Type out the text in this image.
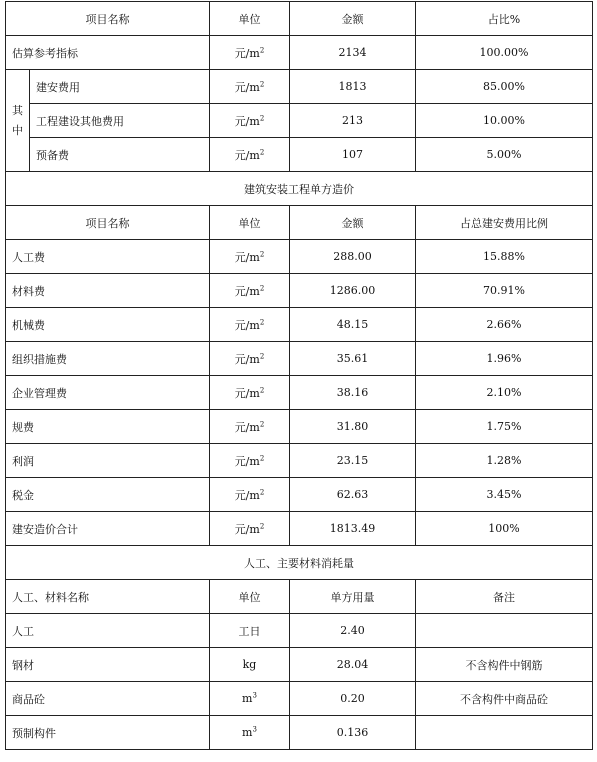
项目名称		单位	金额	占比%
估算参考指标		元$/m^2$	2134	100.00%
其中	建安费用	元$/m^2$	1813	85.00%
	工程建设其他费用	元$/m^2$	213	10.00%
	预备费	元$/m^2$	107	5.00%
建筑安装工程单方造价				
项目名称		单位	金额	占总建安费用比例
人工费		元$/m^2$	288.00	15.88%
材料费		元$/m^2$	1286.00	70.91%
机械费		元$/m^2$	48.15	2.66%
组织措施费		元$/m^2$	35.61	1.96%
企业管理费		元$/m^2$	38.16	2.10%
规费		元$/m^2$	31.80	1.75%
利润		元$/m^2$	23.15	1.28%
税金		元$/m^2$	62.63	3.45%
建安造价合计		元$/m^2$	1813.49	100%
人工、主要材料消耗量				
人工、材料名称		单位	单方用量	备注
人工		工日	2.40	
钢材		kg	28.04	不含构件中钢筋
商品砼		$m^3$	0.20	不含构件中商品砼
预制构件		$m^3$	0.136	
